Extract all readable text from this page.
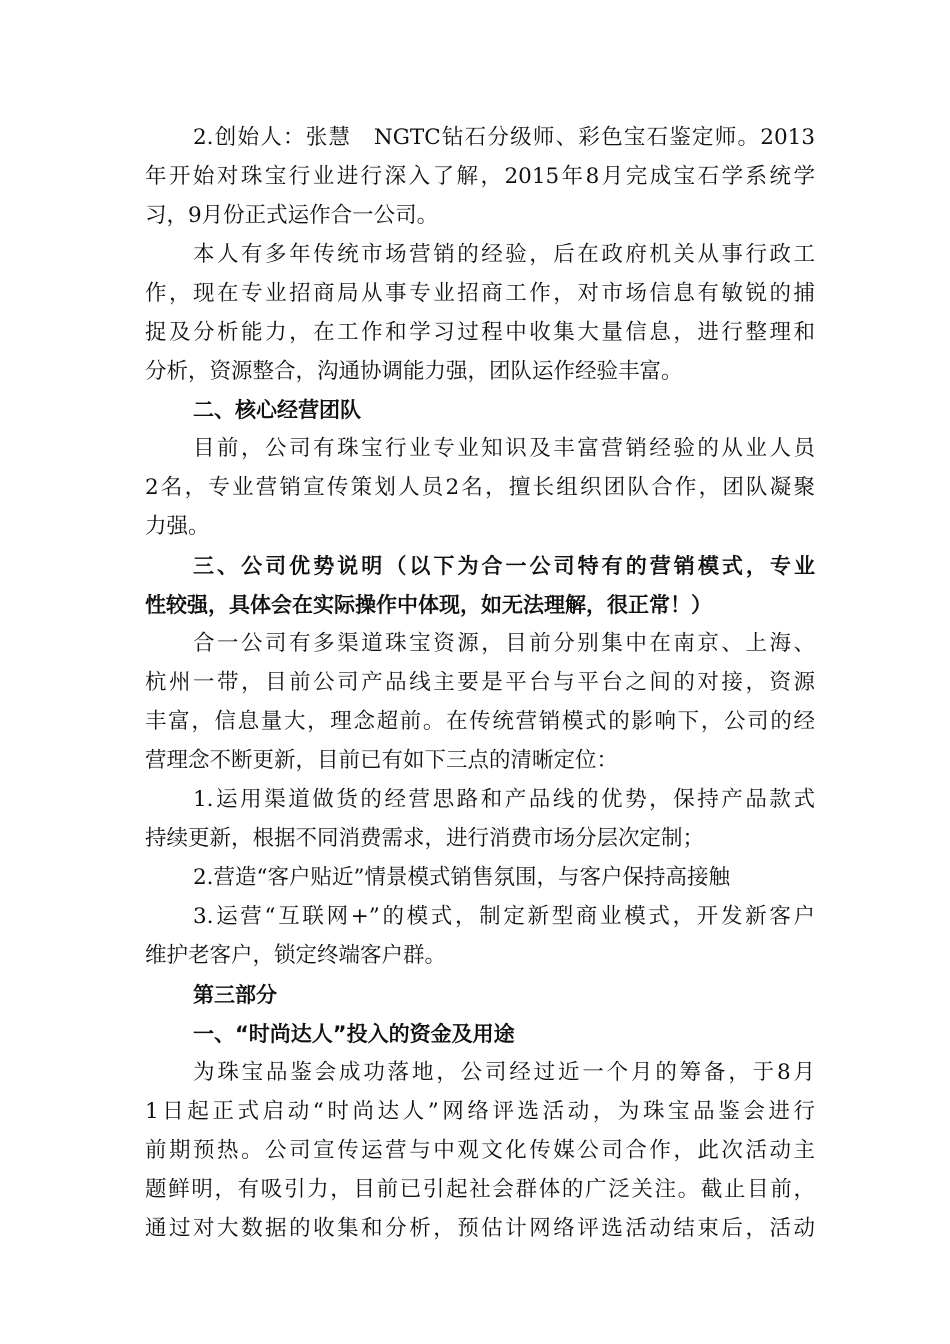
2.创始人：张慧　NGTC钻石分级师、彩色宝石鉴定师。2013
年开始对珠宝行业进行深入了解，2015年8月完成宝石学系统学
习，9月份正式运作合一公司。
本人有多年传统市场营销的经验，后在政府机关从事行政工
作，现在专业招商局从事专业招商工作，对市场信息有敏锐的捕
捉及分析能力，在工作和学习过程中收集大量信息，进行整理和
分析，资源整合，沟通协调能力强，团队运作经验丰富。
二、核心经营团队
目前，公司有珠宝行业专业知识及丰富营销经验的从业人员
2名，专业营销宣传策划人员2名，擅长组织团队合作，团队凝聚
力强。
三、公司优势说明（以下为合一公司特有的营销模式，专业
性较强，具体会在实际操作中体现，如无法理解，很正常！）
合一公司有多渠道珠宝资源，目前分别集中在南京、上海、
杭州一带，目前公司产品线主要是平台与平台之间的对接，资源
丰富，信息量大，理念超前。在传统营销模式的影响下，公司的经
营理念不断更新，目前已有如下三点的清晰定位：
1.运用渠道做货的经营思路和产品线的优势，保持产品款式
持续更新，根据不同消费需求，进行消费市场分层次定制；
2.营造“客户贴近”情景模式销售氛围，与客户保持高接触
3.运营“互联网+”的模式，制定新型商业模式，开发新客户
维护老客户，锁定终端客户群。
第三部分
一、“时尚达人”投入的资金及用途
为珠宝品鉴会成功落地，公司经过近一个月的筹备，于8月
1日起正式启动“时尚达人”网络评选活动，为珠宝品鉴会进行
前期预热。公司宣传运营与中观文化传媒公司合作，此次活动主
题鲜明，有吸引力，目前已引起社会群体的广泛关注。截止目前，
通过对大数据的收集和分析，预估计网络评选活动结束后，活动
